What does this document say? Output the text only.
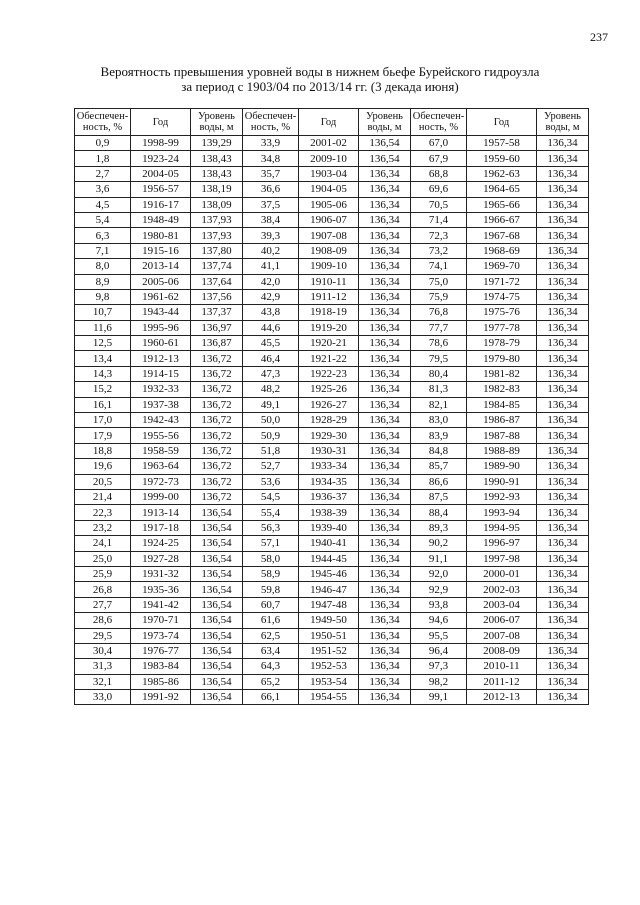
237
Вероятность превышения уровней воды в нижнем бьефе Бурейского гидроузла
за период с 1903/04 по 2013/14 гг. (3 декада июня)
Обеспечен-ность, %	Год	Уровень воды, м	Обеспечен-ность, %	Год	Уровень воды, м	Обеспечен-ность, %	Год	Уровень воды, м
0,9	1998-99	139,29	33,9	2001-02	136,54	67,0	1957-58	136,34
1,8	1923-24	138,43	34,8	2009-10	136,54	67,9	1959-60	136,34
2,7	2004-05	138,43	35,7	1903-04	136,34	68,8	1962-63	136,34
3,6	1956-57	138,19	36,6	1904-05	136,34	69,6	1964-65	136,34
4,5	1916-17	138,09	37,5	1905-06	136,34	70,5	1965-66	136,34
5,4	1948-49	137,93	38,4	1906-07	136,34	71,4	1966-67	136,34
6,3	1980-81	137,93	39,3	1907-08	136,34	72,3	1967-68	136,34
7,1	1915-16	137,80	40,2	1908-09	136,34	73,2	1968-69	136,34
8,0	2013-14	137,74	41,1	1909-10	136,34	74,1	1969-70	136,34
8,9	2005-06	137,64	42,0	1910-11	136,34	75,0	1971-72	136,34
9,8	1961-62	137,56	42,9	1911-12	136,34	75,9	1974-75	136,34
10,7	1943-44	137,37	43,8	1918-19	136,34	76,8	1975-76	136,34
11,6	1995-96	136,97	44,6	1919-20	136,34	77,7	1977-78	136,34
12,5	1960-61	136,87	45,5	1920-21	136,34	78,6	1978-79	136,34
13,4	1912-13	136,72	46,4	1921-22	136,34	79,5	1979-80	136,34
14,3	1914-15	136,72	47,3	1922-23	136,34	80,4	1981-82	136,34
15,2	1932-33	136,72	48,2	1925-26	136,34	81,3	1982-83	136,34
16,1	1937-38	136,72	49,1	1926-27	136,34	82,1	1984-85	136,34
17,0	1942-43	136,72	50,0	1928-29	136,34	83,0	1986-87	136,34
17,9	1955-56	136,72	50,9	1929-30	136,34	83,9	1987-88	136,34
18,8	1958-59	136,72	51,8	1930-31	136,34	84,8	1988-89	136,34
19,6	1963-64	136,72	52,7	1933-34	136,34	85,7	1989-90	136,34
20,5	1972-73	136,72	53,6	1934-35	136,34	86,6	1990-91	136,34
21,4	1999-00	136,72	54,5	1936-37	136,34	87,5	1992-93	136,34
22,3	1913-14	136,54	55,4	1938-39	136,34	88,4	1993-94	136,34
23,2	1917-18	136,54	56,3	1939-40	136,34	89,3	1994-95	136,34
24,1	1924-25	136,54	57,1	1940-41	136,34	90,2	1996-97	136,34
25,0	1927-28	136,54	58,0	1944-45	136,34	91,1	1997-98	136,34
25,9	1931-32	136,54	58,9	1945-46	136,34	92,0	2000-01	136,34
26,8	1935-36	136,54	59,8	1946-47	136,34	92,9	2002-03	136,34
27,7	1941-42	136,54	60,7	1947-48	136,34	93,8	2003-04	136,34
28,6	1970-71	136,54	61,6	1949-50	136,34	94,6	2006-07	136,34
29,5	1973-74	136,54	62,5	1950-51	136,34	95,5	2007-08	136,34
30,4	1976-77	136,54	63,4	1951-52	136,34	96,4	2008-09	136,34
31,3	1983-84	136,54	64,3	1952-53	136,34	97,3	2010-11	136,34
32,1	1985-86	136,54	65,2	1953-54	136,34	98,2	2011-12	136,34
33,0	1991-92	136,54	66,1	1954-55	136,34	99,1	2012-13	136,34
